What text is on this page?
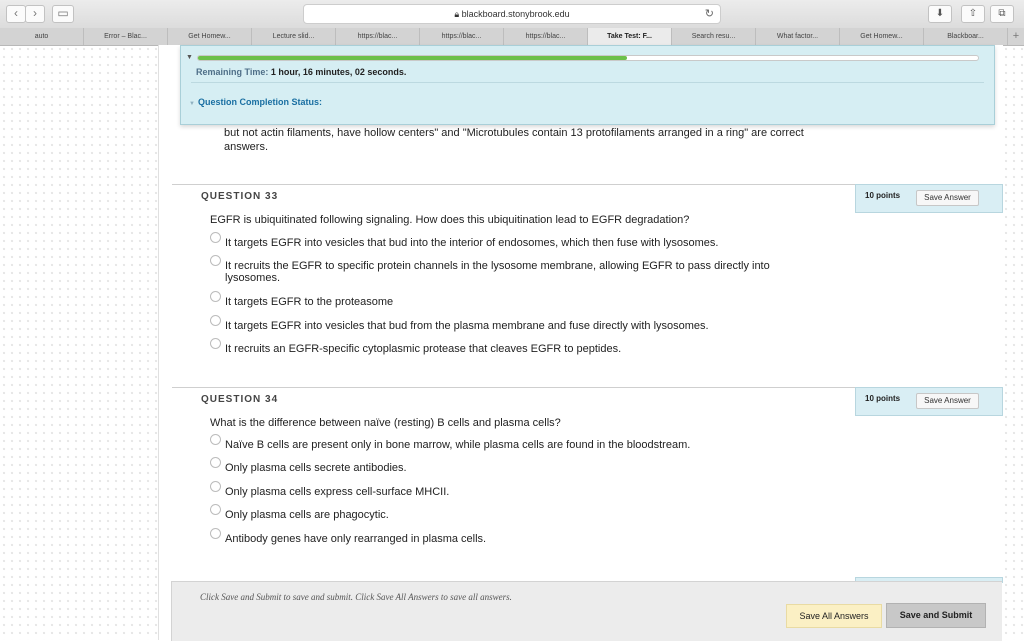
‹	›	▭	🔒︎ blackboard.stonybrook.edu	↻	⬇	⇧	⧉
auto	Error – Blac...	Get Homew...	Lecture slid...	https://blac...	https://blac...	https://blac...	Take Test: F...	Search resu...	What factor...	Get Homew...	Blackboar...	+
▼
Remaining Time: 1 hour, 16 minutes, 02 seconds.
▼ Question Completion Status:
but not actin filaments, have hollow centers" and "Microtubules contain 13 protofilaments arranged in a ring" are correct answers.
QUESTION 33	10 points	Save Answer
EGFR is ubiquitinated following signaling. How does this ubiquitination lead to EGFR degradation?
It targets EGFR into vesicles that bud into the interior of endosomes, which then fuse with lysosomes.
It recruits the EGFR to specific protein channels in the lysosome membrane, allowing EGFR to pass directly into lysosomes.
It targets EGFR to the proteasome
It targets EGFR into vesicles that bud from the plasma membrane and fuse directly with lysosomes.
It recruits an EGFR-specific cytoplasmic protease that cleaves EGFR to peptides.
QUESTION 34	10 points	Save Answer
What is the difference between naïve (resting) B cells and plasma cells?
Naïve B cells are present only in bone marrow, while plasma cells are found in the bloodstream.
Only plasma cells secrete antibodies.
Only plasma cells express cell-surface MHCII.
Only plasma cells are phagocytic.
Antibody genes have only rearranged in plasma cells.
Click Save and Submit to save and submit. Click Save All Answers to save all answers.
Save All Answers	Save and Submit
